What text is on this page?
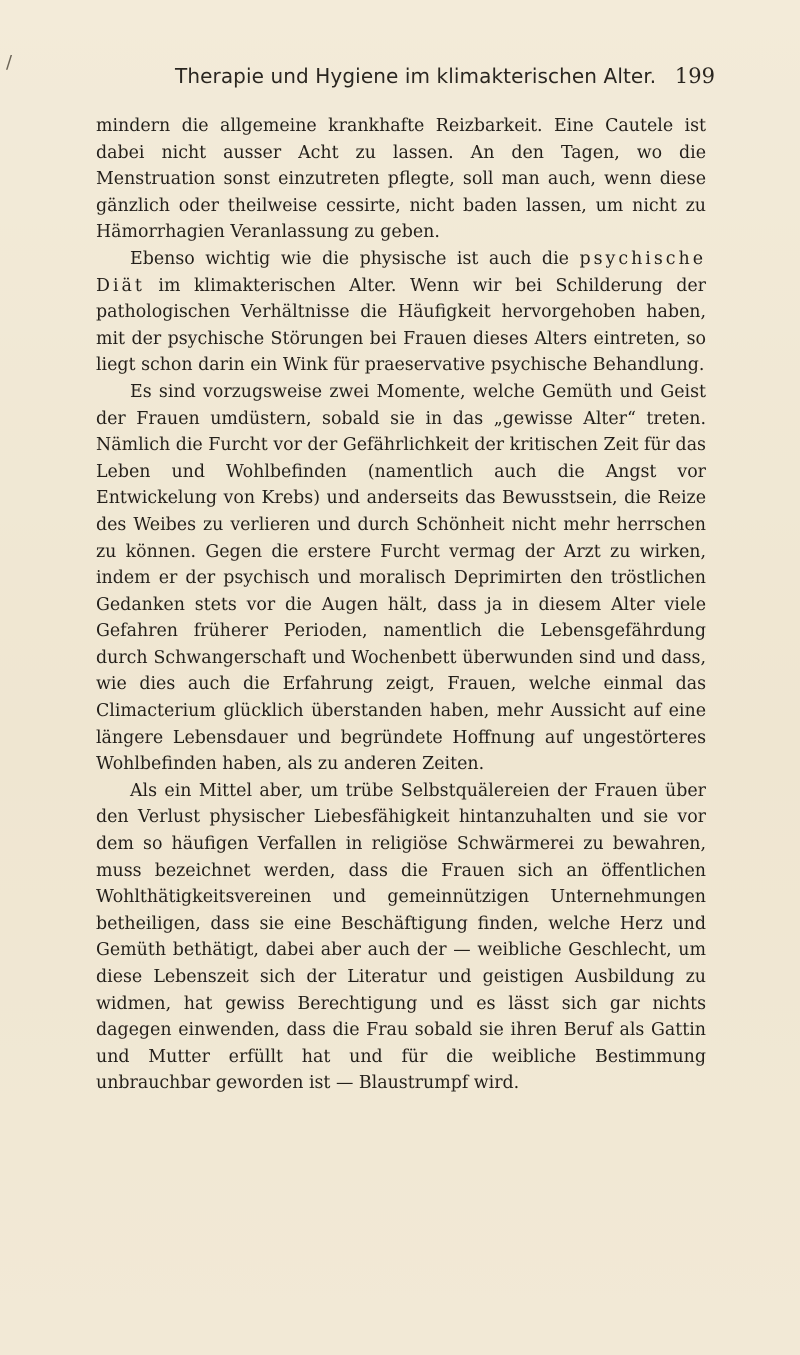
/
Therapie und Hygiene im klimakterischen Alter. 199

mindern die allgemeine krankhafte Reizbarkeit. Eine Cautele ist dabei nicht ausser Acht zu lassen. An den Tagen, wo die Menstruation sonst einzutreten pflegte, soll man auch, wenn diese gänzlich oder theilweise cessirte, nicht baden lassen, um nicht zu Hämorrhagien Veranlassung zu geben.

Ebenso wichtig wie die physische ist auch die psychische Diät im klimakterischen Alter. Wenn wir bei Schilderung der pathologischen Verhältnisse die Häufigkeit hervorgehoben haben, mit der psychische Störungen bei Frauen dieses Alters eintreten, so liegt schon darin ein Wink für praeservative psychische Behandlung.

Es sind vorzugsweise zwei Momente, welche Gemüth und Geist der Frauen umdüstern, sobald sie in das „gewisse Alter“ treten. Nämlich die Furcht vor der Gefährlichkeit der kritischen Zeit für das Leben und Wohlbefinden (namentlich auch die Angst vor Entwickelung von Krebs) und anderseits das Bewusstsein, die Reize des Weibes zu verlieren und durch Schönheit nicht mehr herrschen zu können. Gegen die erstere Furcht vermag der Arzt zu wirken, indem er der psychisch und moralisch Deprimirten den tröstlichen Gedanken stets vor die Augen hält, dass ja in diesem Alter viele Gefahren früherer Perioden, namentlich die Lebensgefährdung durch Schwangerschaft und Wochenbett überwunden sind und dass, wie dies auch die Erfahrung zeigt, Frauen, welche einmal das Climacterium glücklich überstanden haben, mehr Aussicht auf eine längere Lebensdauer und begründete Hoffnung auf ungestörteres Wohlbefinden haben, als zu anderen Zeiten.

Als ein Mittel aber, um trübe Selbstquälereien der Frauen über den Verlust physischer Liebesfähigkeit hintanzuhalten und sie vor dem so häufigen Verfallen in religiöse Schwärmerei zu bewahren, muss bezeichnet werden, dass die Frauen sich an öffentlichen Wohlthätigkeitsvereinen und gemeinnützigen Unternehmungen betheiligen, dass sie eine Beschäftigung finden, welche Herz und Gemüth bethätigt, dabei aber auch der — weibliche Geschlecht, um diese Lebenszeit sich der Literatur und geistigen Ausbildung zu widmen, hat gewiss Berechtigung und es lässt sich gar nichts dagegen einwenden, dass die Frau sobald sie ihren Beruf als Gattin und Mutter erfüllt hat und für die weibliche Bestimmung unbrauchbar geworden ist — Blaustrumpf wird.
